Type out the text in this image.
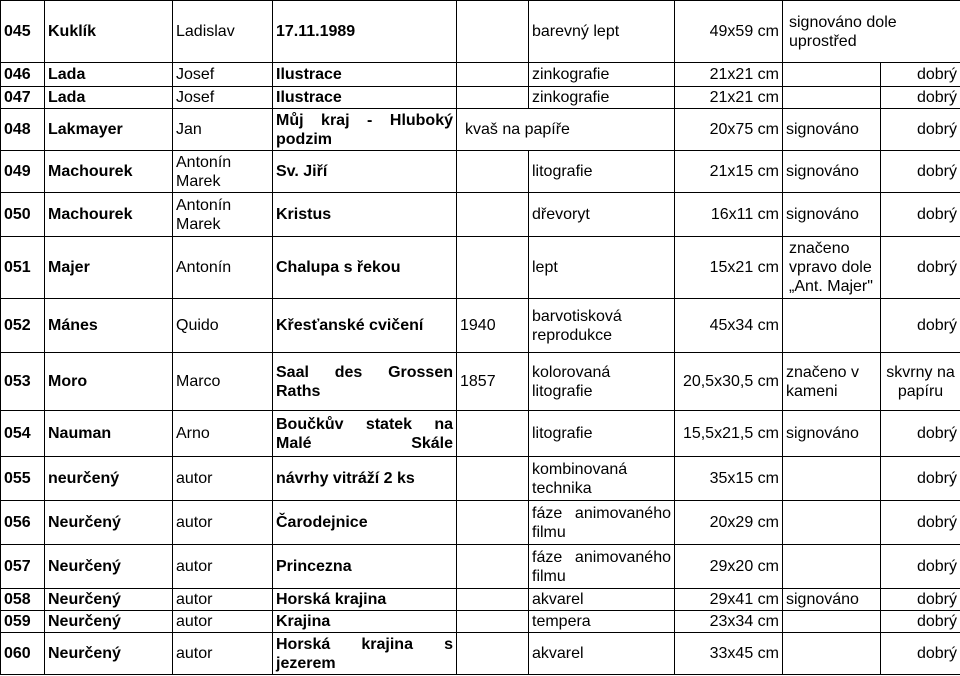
045	Kuklík	Ladislav	17.11.1989		barevný lept	49x59 cm	signováno dole uprostřed	
046	Lada	Josef	Ilustrace		zinkografie	21x21 cm		dobrý
047	Lada	Josef	Ilustrace		zinkografie	21x21 cm		dobrý
048	Lakmayer	Jan	Můj kraj - Hluboký podzim	kvaš na papíře		20x75 cm	signováno	dobrý
049	Machourek	Antonín Marek	Sv. Jiří		litografie	21x15 cm	signováno	dobrý
050	Machourek	Antonín Marek	Kristus		dřevoryt	16x11 cm	signováno	dobrý
051	Majer	Antonín	Chalupa s řekou		lept	15x21 cm	značeno vpravo dole „Ant. Majer"	dobrý
052	Mánes	Quido	Křesťanské cvičení	1940	barvotisková reprodukce	45x34 cm		dobrý
053	Moro	Marco	Saal des Grossen Raths	1857	kolorovaná litografie	20,5x30,5 cm	značeno v kameni	skvrny na papíru
054	Nauman	Arno	Boučkův statek na Malé Skále		litografie	15,5x21,5 cm	signováno	dobrý
055	neurčený	autor	návrhy vitráží 2 ks		kombinovaná technika	35x15 cm		dobrý
056	Neurčený	autor	Čarodejnice		fáze animovaného filmu	20x29 cm		dobrý
057	Neurčený	autor	Princezna		fáze animovaného filmu	29x20 cm		dobrý
058	Neurčený	autor	Horská krajina		akvarel	29x41 cm	signováno	dobrý
059	Neurčený	autor	Krajina		tempera	23x34 cm		dobrý
060	Neurčený	autor	Horská krajina s jezerem		akvarel	33x45 cm		dobrý
